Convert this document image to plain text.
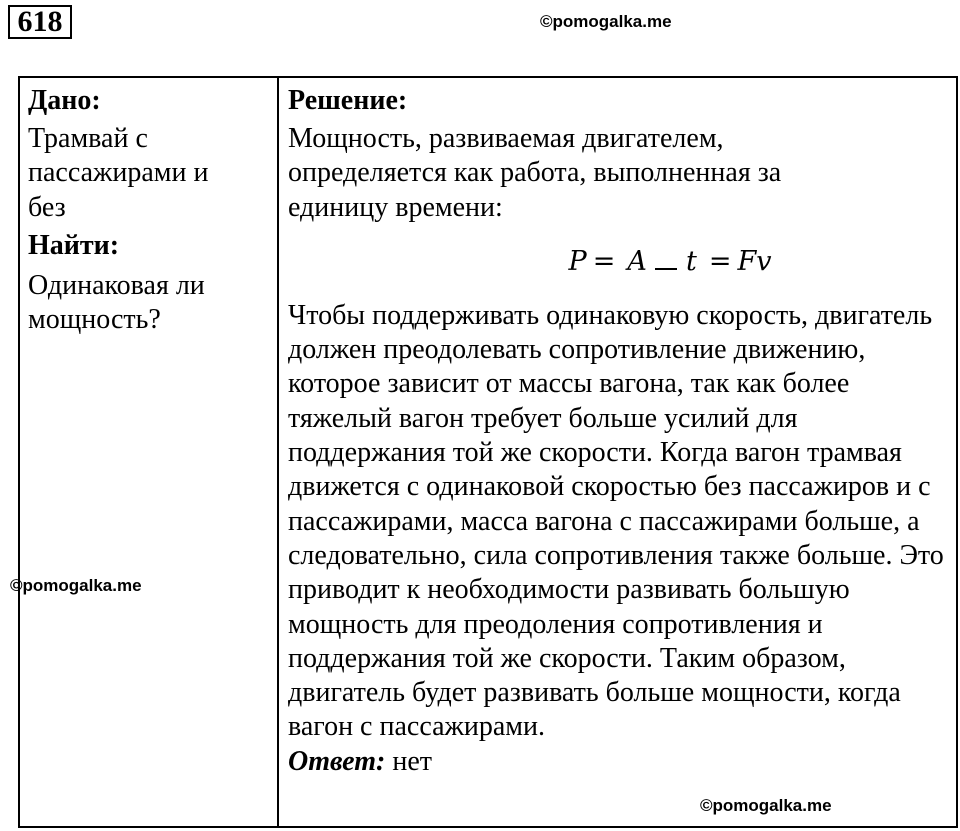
618	©pomogalka.me

Дано:

Трамвай с пассажирами и без

Найти:

Одинаковая ли мощность?

Решение:

Мощность, развиваемая двигателем, определяется как работа, выполненная за единицу времени:

P = A t = Fv

Чтобы поддерживать одинаковую скорость, двигатель должен преодолевать сопротивление движению, которое зависит от массы вагона, так как более тяжелый вагон требует больше усилий для поддержания той же скорости. Когда вагон трамвая движется с одинаковой скоростью без пассажиров и с пассажирами, масса вагона с пассажирами больше, а следовательно, сила сопротивления также больше. Это приводит к необходимости развивать большую мощность для преодоления сопротивления и поддержания той же скорости. Таким образом, двигатель будет развивать больше мощности, когда вагон с пассажирами.

Ответ: нет

©pomogalka.me
©pomogalka.me
